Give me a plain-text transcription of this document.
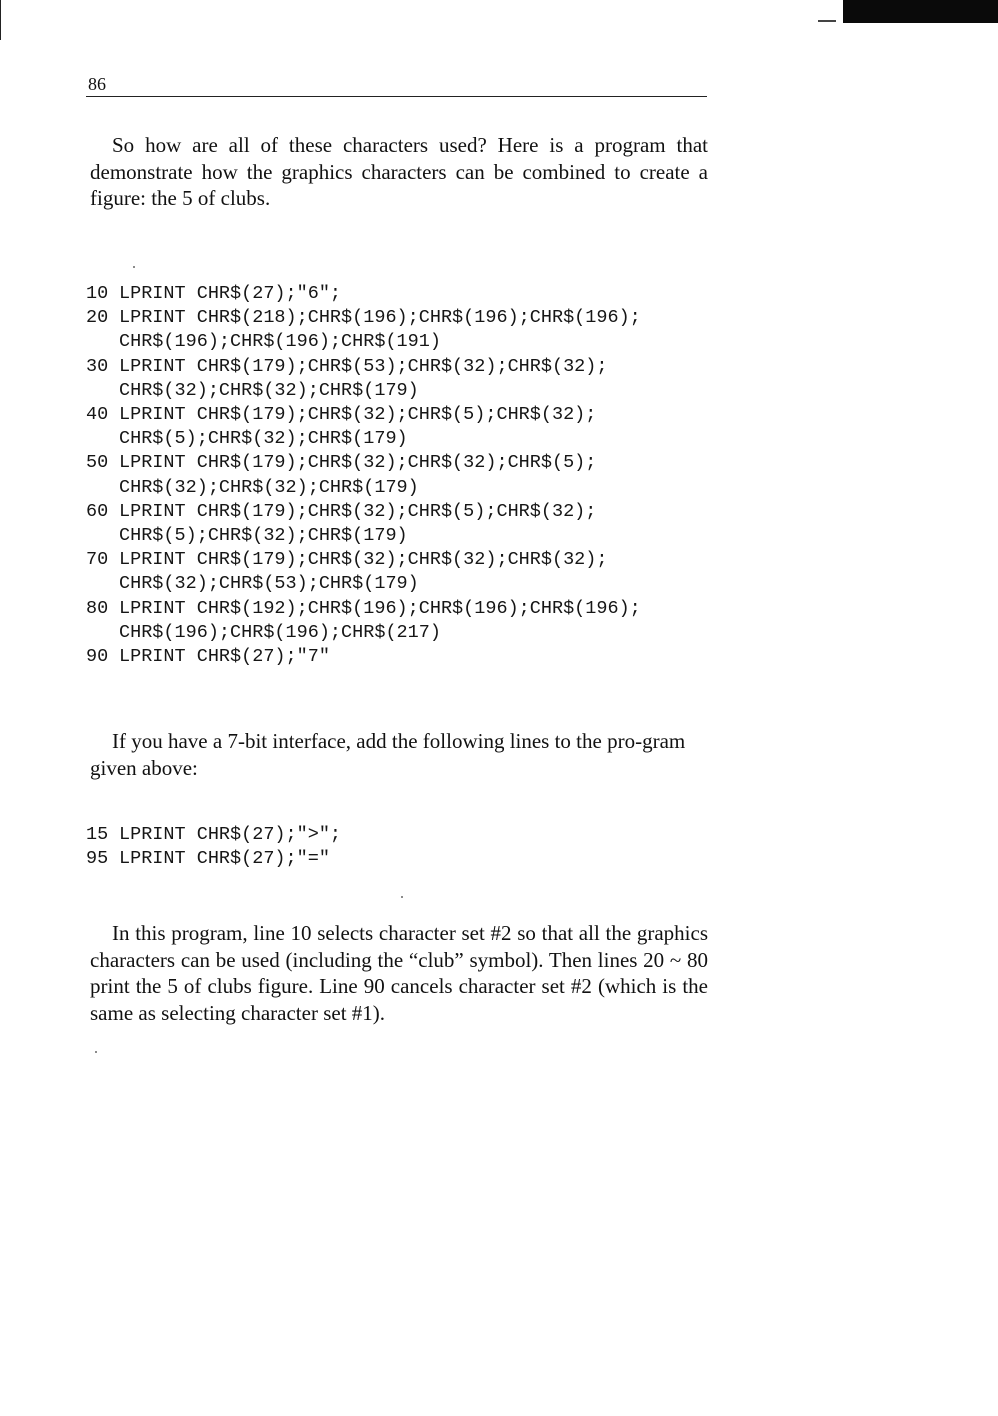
86

So how are all of these characters used? Here is a program that demonstrate how the graphics characters can be combined to create a figure: the 5 of clubs.

10 LPRINT CHR$(27);"6";
20 LPRINT CHR$(218);CHR$(196);CHR$(196);CHR$(196);
CHR$(196);CHR$(196);CHR$(191)
30 LPRINT CHR$(179);CHR$(53);CHR$(32);CHR$(32);
CHR$(32);CHR$(32);CHR$(179)
40 LPRINT CHR$(179);CHR$(32);CHR$(5);CHR$(32);
CHR$(5);CHR$(32);CHR$(179)
50 LPRINT CHR$(179);CHR$(32);CHR$(32);CHR$(5);
CHR$(32);CHR$(32);CHR$(179)
60 LPRINT CHR$(179);CHR$(32);CHR$(5);CHR$(32);
CHR$(5);CHR$(32);CHR$(179)
70 LPRINT CHR$(179);CHR$(32);CHR$(32);CHR$(32);
CHR$(32);CHR$(53);CHR$(179)
80 LPRINT CHR$(192);CHR$(196);CHR$(196);CHR$(196);
CHR$(196);CHR$(196);CHR$(217)
90 LPRINT CHR$(27);"7"

If you have a 7-bit interface, add the following lines to the pro-gram given above:

15 LPRINT CHR$(27);">";
95 LPRINT CHR$(27);"="

In this program, line 10 selects character set #2 so that all the graphics characters can be used (including the “club” symbol). Then lines 20 ~ 80 print the 5 of clubs figure. Line 90 cancels character set #2 (which is the same as selecting character set #1).
